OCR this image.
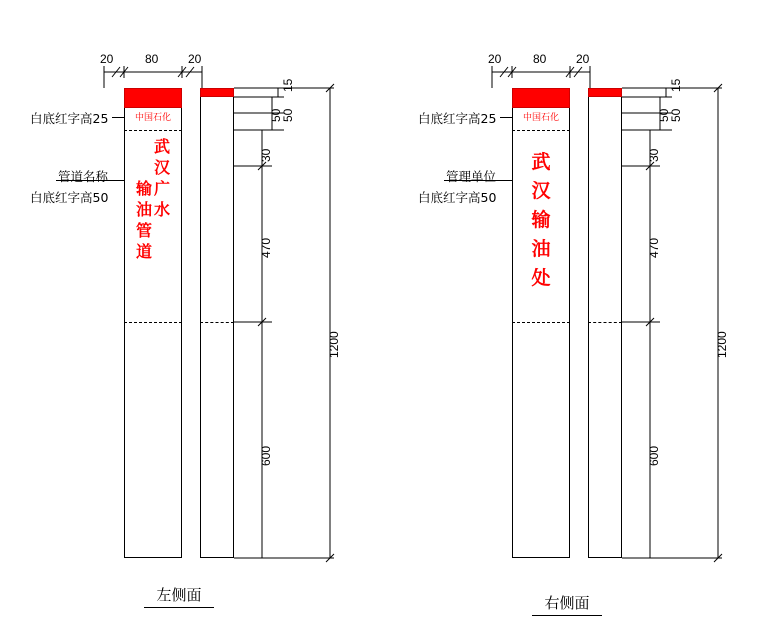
中国石化
武
汉
广
水
输
油
管
道
白底红字高25
管道名称
白底红字高50
20	80 20
15
50
50
30
470
1200
600
左侧面
中国石化
武
汉
输
油
处
白底红字高25
管理单位
白底红字高50
20	80 20
15
50
50
30
470
1200
600
右侧面
